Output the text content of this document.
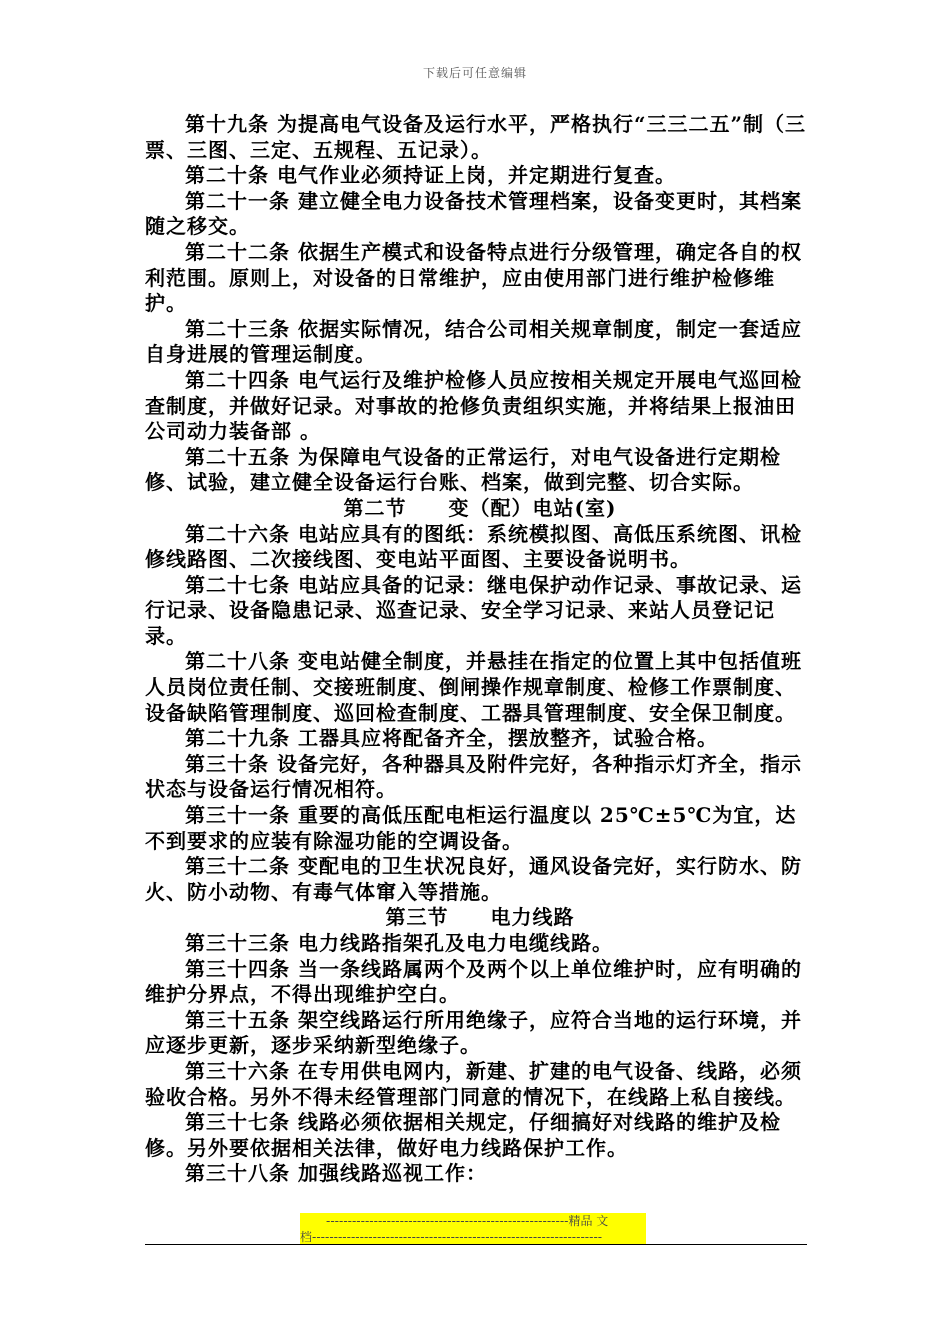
下载后可任意编辑

第十九条 为提高电气设备及运行水平，严格执行“三三二五”制（三票、三图、三定、五规程、五记录）。

第二十条 电气作业必须持证上岗，并定期进行复查。

第二十一条 建立健全电力设备技术管理档案，设备变更时，其档案随之移交。

第二十二条 依据生产模式和设备特点进行分级管理，确定各自的权利范围。原则上，对设备的日常维护，应由使用部门进行维护检修维护。

第二十三条 依据实际情况，结合公司相关规章制度，制定一套适应自身进展的管理运制度。

第二十四条 电气运行及维护检修人员应按相关规定开展电气巡回检查制度，并做好记录。对事故的抢修负责组织实施，并将结果上报油田公司动力装备部 。

第二十五条 为保障电气设备的正常运行，对电气设备进行定期检修、试验，建立健全设备运行台账、档案，做到完整、切合实际。

第二节　　变（配）电站(室)

第二十六条 电站应具有的图纸：系统模拟图、高低压系统图、讯检修线路图、二次接线图、变电站平面图、主要设备说明书。

第二十七条 电站应具备的记录：继电保护动作记录、事故记录、运行记录、设备隐患记录、巡查记录、安全学习记录、来站人员登记记录。

第二十八条 变电站健全制度，并悬挂在指定的位置上其中包括值班人员岗位责任制、交接班制度、倒闸操作规章制度、检修工作票制度、设备缺陷管理制度、巡回检查制度、工器具管理制度、安全保卫制度。

第二十九条 工器具应将配备齐全，摆放整齐，试验合格。

第三十条 设备完好，各种器具及附件完好，各种指示灯齐全，指示状态与设备运行情况相符。

第三十一条 重要的高低压配电柜运行温度以 25℃±5℃为宜，达不到要求的应装有除湿功能的空调设备。

第三十二条 变配电的卫生状况良好，通风设备完好，实行防水、防火、防小动物、有毒气体窜入等措施。

第三节　　电力线路

第三十三条 电力线路指架孔及电力电缆线路。

第三十四条 当一条线路属两个及两个以上单位维护时，应有明确的维护分界点，不得出现维护空白。

第三十五条 架空线路运行所用绝缘子，应符合当地的运行环境，并应逐步更新，逐步采纳新型绝缘子。

第三十六条 在专用供电网内，新建、扩建的电气设备、线路，必须验收合格。另外不得未经管理部门同意的情况下，在线路上私自接线。

第三十七条 线路必须依据相关规定，仔细搞好对线路的维护及检修。另外要依据相关法律，做好电力线路保护工作。

第三十八条 加强线路巡视工作：

--------------------------------------------------------精品 文
档-------------------------------------------------------------------
